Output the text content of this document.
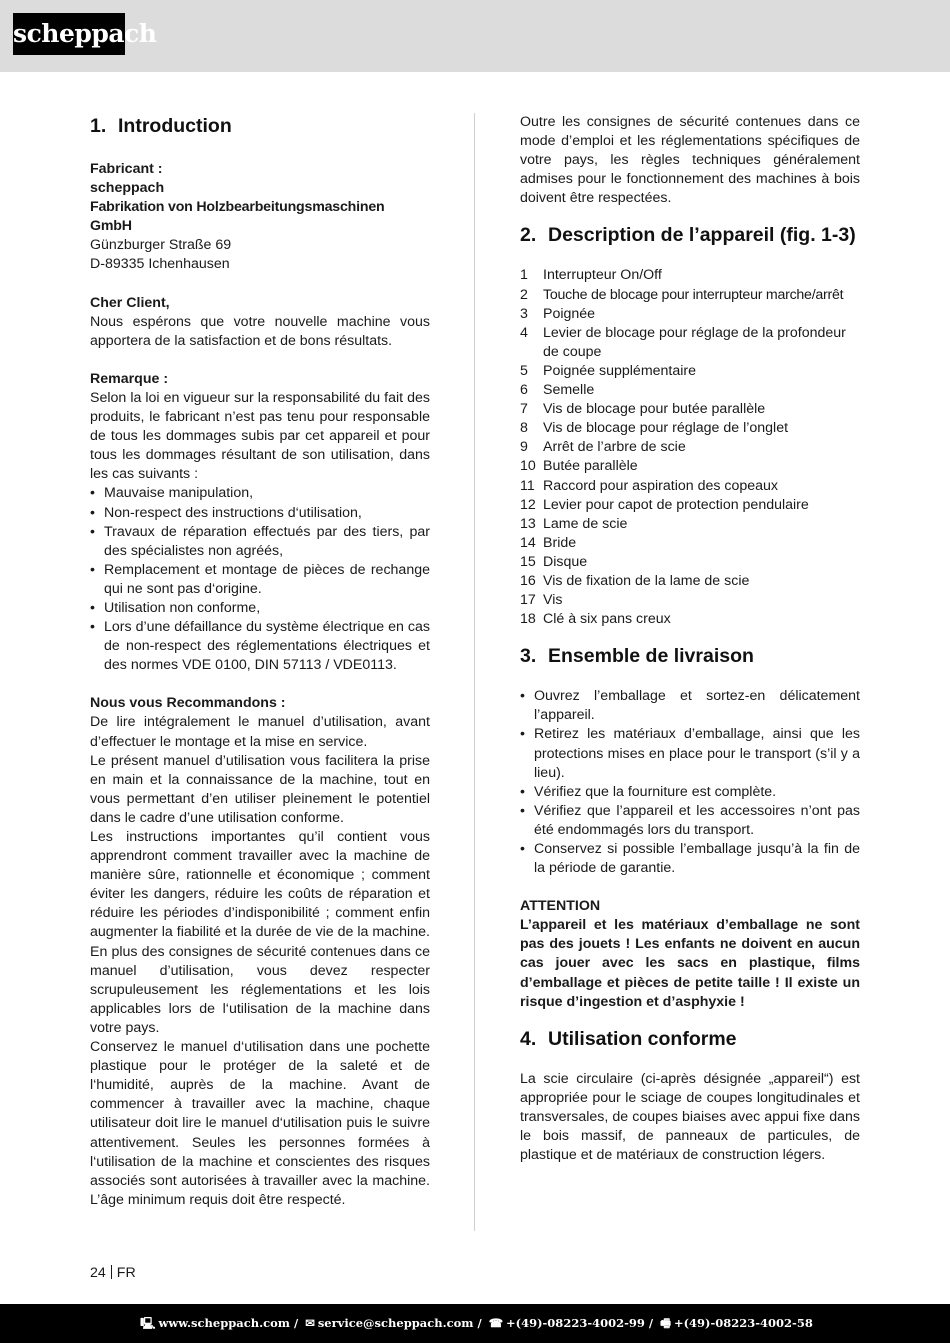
scheppach
1. Introduction
Fabricant :
scheppach
Fabrikation von Holzbearbeitungsmaschinen GmbH
Günzburger Straße 69
D-89335 Ichenhausen
Cher Client,

Nous espérons que votre nouvelle machine vous apportera de la satisfaction et de bons résultats.

Remarque :

Selon la loi en vigueur sur la responsabilité du fait des produits, le fabricant n’est pas tenu pour responsable de tous les dommages subis par cet appareil et pour tous les dommages résultant de son utilisation, dans les cas suivants :

• Mauvaise manipulation,
• Non-respect des instructions d‘utilisation,
• Travaux de réparation effectués par des tiers, par des spécialistes non agréés,
• Remplacement et montage de pièces de rechange qui ne sont pas d‘origine.
• Utilisation non conforme,
• Lors d’une défaillance du système électrique en cas de non-respect des réglementations électriques et des normes VDE 0100, DIN 57113 / VDE0113.
Nous vous Recommandons :

De lire intégralement le manuel d’utilisation, avant d’effectuer le montage et la mise en service.

Le présent manuel d’utilisation vous facilitera la prise en main et la connaissance de la machine, tout en vous permettant d’en utiliser pleinement le potentiel dans le cadre d’une utilisation conforme.

Les instructions importantes qu’il contient vous apprendront comment travailler avec la machine de manière sûre, rationnelle et économique ; comment éviter les dangers, réduire les coûts de réparation et réduire les périodes d’indisponibilité ; comment enfin augmenter la fiabilité et la durée de vie de la machine.

En plus des consignes de sécurité contenues dans ce manuel d’utilisation, vous devez respecter scrupuleusement les réglementations et les lois applicables lors de l‘utilisation de la machine dans votre pays.

Conservez le manuel d‘utilisation dans une pochette plastique pour le protéger de la saleté et de l‘humidité, auprès de la machine. Avant de commencer à travailler avec la machine, chaque utilisateur doit lire le manuel d‘utilisation puis le suivre attentivement. Seules les personnes formées à l‘utilisation de la machine et conscientes des risques associés sont autorisées à travailler avec la machine. L’âge minimum requis doit être respecté.

Outre les consignes de sécurité contenues dans ce mode d’emploi et les réglementations spécifiques de votre pays, les règles techniques généralement admises pour le fonctionnement des machines à bois doivent être respectées.

2. Description de l’appareil (fig. 1-3)
1	Interrupteur On/Off
2	Touche de blocage pour interrupteur marche/arrêt
3	Poignée
4	Levier de blocage pour réglage de la profondeur de coupe
5	Poignée supplémentaire
6	Semelle
7	Vis de blocage pour butée parallèle
8	Vis de blocage pour réglage de l’onglet
9	Arrêt de l’arbre de scie
10 Butée parallèle
11 Raccord pour aspiration des copeaux
12 Levier pour capot de protection pendulaire
13 Lame de scie
14 Bride
15 Disque
16 Vis de fixation de la lame de scie
17 Vis
18 Clé à six pans creux
3. Ensemble de livraison
• Ouvrez l’emballage et sortez-en délicatement l’appareil.
• Retirez les matériaux d’emballage, ainsi que les protections mises en place pour le transport (s’il y a lieu).
• Vérifiez que la fourniture est complète.
• Vérifiez que l’appareil et les accessoires n’ont pas été endommagés lors du transport.
• Conservez si possible l’emballage jusqu’à la fin de la période de garantie.
ATTENTION

L’appareil et les matériaux d’emballage ne sont pas des jouets ! Les enfants ne doivent en aucun cas jouer avec les sacs en plastique, films d’emballage et pièces de petite taille ! Il existe un risque d’ingestion et d’asphyxie !

4. Utilisation conforme

La scie circulaire (ci-après désignée „appareil“) est appropriée pour le sciage de coupes longitudinales et transversales, de coupes biaises avec appui fixe dans le bois massif, de panneaux de particules, de plastique et de matériaux de construction légers.

24 FR
🖳 www.scheppach.com / ✉ service@scheppach.com / ☎ +(49)-08223-4002-99 / 🖷 +(49)-08223-4002-58
